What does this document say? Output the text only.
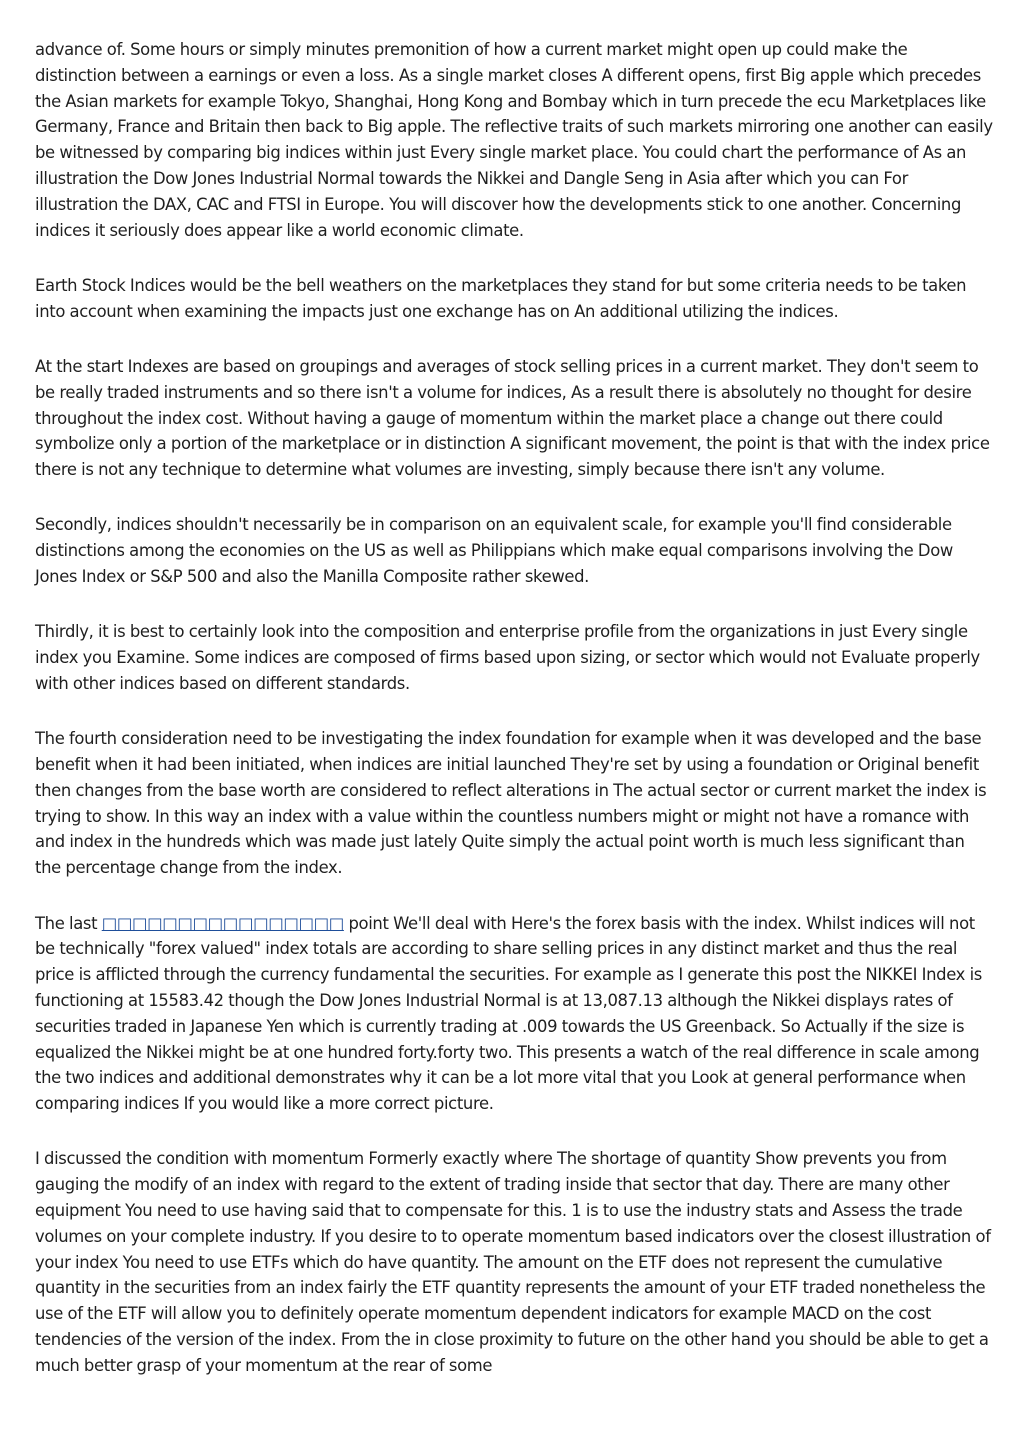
advance of. Some hours or simply minutes premonition of how a current market might open up could make the distinction between a earnings or even a loss. As a single market closes A different opens, first Big apple which precedes the Asian markets for example Tokyo, Shanghai, Hong Kong and Bombay which in turn precede the ecu Marketplaces like Germany, France and Britain then back to Big apple. The reflective traits of such markets mirroring one another can easily be witnessed by comparing big indices within just Every single market place. You could chart the performance of As an illustration the Dow Jones Industrial Normal towards the Nikkei and Dangle Seng in Asia after which you can For illustration the DAX, CAC and FTSI in Europe. You will discover how the developments stick to one another. Concerning indices it seriously does appear like a world economic climate.

Earth Stock Indices would be the bell weathers on the marketplaces they stand for but some criteria needs to be taken into account when examining the impacts just one exchange has on An additional utilizing the indices.

At the start Indexes are based on groupings and averages of stock selling prices in a current market. They don't seem to be really traded instruments and so there isn't a volume for indices, As a result there is absolutely no thought for desire throughout the index cost. Without having a gauge of momentum within the market place a change out there could symbolize only a portion of the marketplace or in distinction A significant movement, the point is that with the index price there is not any technique to determine what volumes are investing, simply because there isn't any volume.

Secondly, indices shouldn't necessarily be in comparison on an equivalent scale, for example you'll find considerable distinctions among the economies on the US as well as Philippians which make equal comparisons involving the Dow Jones Index or S&P 500 and also the Manilla Composite rather skewed.

Thirdly, it is best to certainly look into the composition and enterprise profile from the organizations in just Every single index you Examine. Some indices are composed of firms based upon sizing, or sector which would not Evaluate properly with other indices based on different standards.

The fourth consideration need to be investigating the index foundation for example when it was developed and the base benefit when it had been initiated, when indices are initial launched They're set by using a foundation or Original benefit then changes from the base worth are considered to reflect alterations in The actual sector or current market the index is trying to show. In this way an index with a value within the countless numbers might or might not have a romance with and index in the hundreds which was made just lately Quite simply the actual point worth is much less significant than the percentage change from the index.

The last □□□□□□□□□□□□□□□□ point We'll deal with Here's the forex basis with the index. Whilst indices will not be technically "forex valued" index totals are according to share selling prices in any distinct market and thus the real price is afflicted through the currency fundamental the securities. For example as I generate this post the NIKKEI Index is functioning at 15583.42 though the Dow Jones Industrial Normal is at 13,087.13 although the Nikkei displays rates of securities traded in Japanese Yen which is currently trading at .009 towards the US Greenback. So Actually if the size is equalized the Nikkei might be at one hundred forty.forty two. This presents a watch of the real difference in scale among the two indices and additional demonstrates why it can be a lot more vital that you Look at general performance when comparing indices If you would like a more correct picture.

I discussed the condition with momentum Formerly exactly where The shortage of quantity Show prevents you from gauging the modify of an index with regard to the extent of trading inside that sector that day. There are many other equipment You need to use having said that to compensate for this. 1 is to use the industry stats and Assess the trade volumes on your complete industry. If you desire to to operate momentum based indicators over the closest illustration of your index You need to use ETFs which do have quantity. The amount on the ETF does not represent the cumulative quantity in the securities from an index fairly the ETF quantity represents the amount of your ETF traded nonetheless the use of the ETF will allow you to definitely operate momentum dependent indicators for example MACD on the cost tendencies of the version of the index. From the in close proximity to future on the other hand you should be able to get a much better grasp of your momentum at the rear of some
